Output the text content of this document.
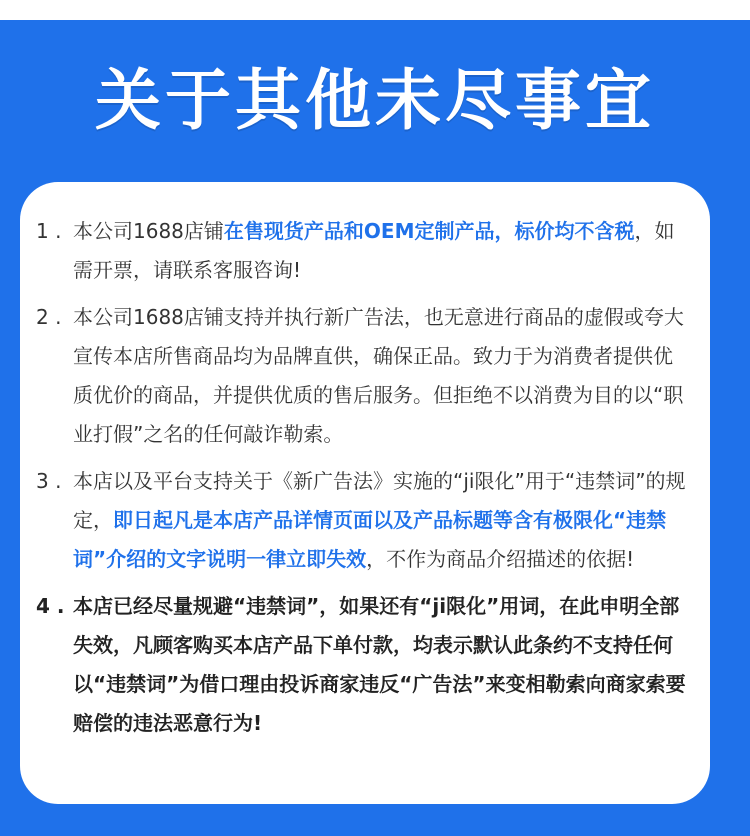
关于其他未尽事宜
1 . 本公司1688店铺在售现货产品和OEM定制产品，标价均不含税，如需开票，请联系客服咨询!
2 . 本公司1688店铺支持并执行新广告法，也无意进行商品的虚假或夸大宣传本店所售商品均为品牌直供，确保正品。致力于为消费者提供优质优价的商品，并提供优质的售后服务。但拒绝不以消费为目的以“职业打假”之名的任何敲诈勒索。
3 . 本店以及平台支持关于《新广告法》实施的“ji限化”用于“违禁词”的规定，即日起凡是本店产品详情页面以及产品标题等含有极限化“违禁词”介绍的文字说明一律立即失效，不作为商品介绍描述的依据!
4 . 本店已经尽量规避“违禁词”，如果还有“ji限化”用词，在此申明全部失效，凡顾客购买本店产品下单付款，均表示默认此条约不支持任何以“违禁词”为借口理由投诉商家违反“广告法”来变相勒索向商家索要赔偿的违法恶意行为!
